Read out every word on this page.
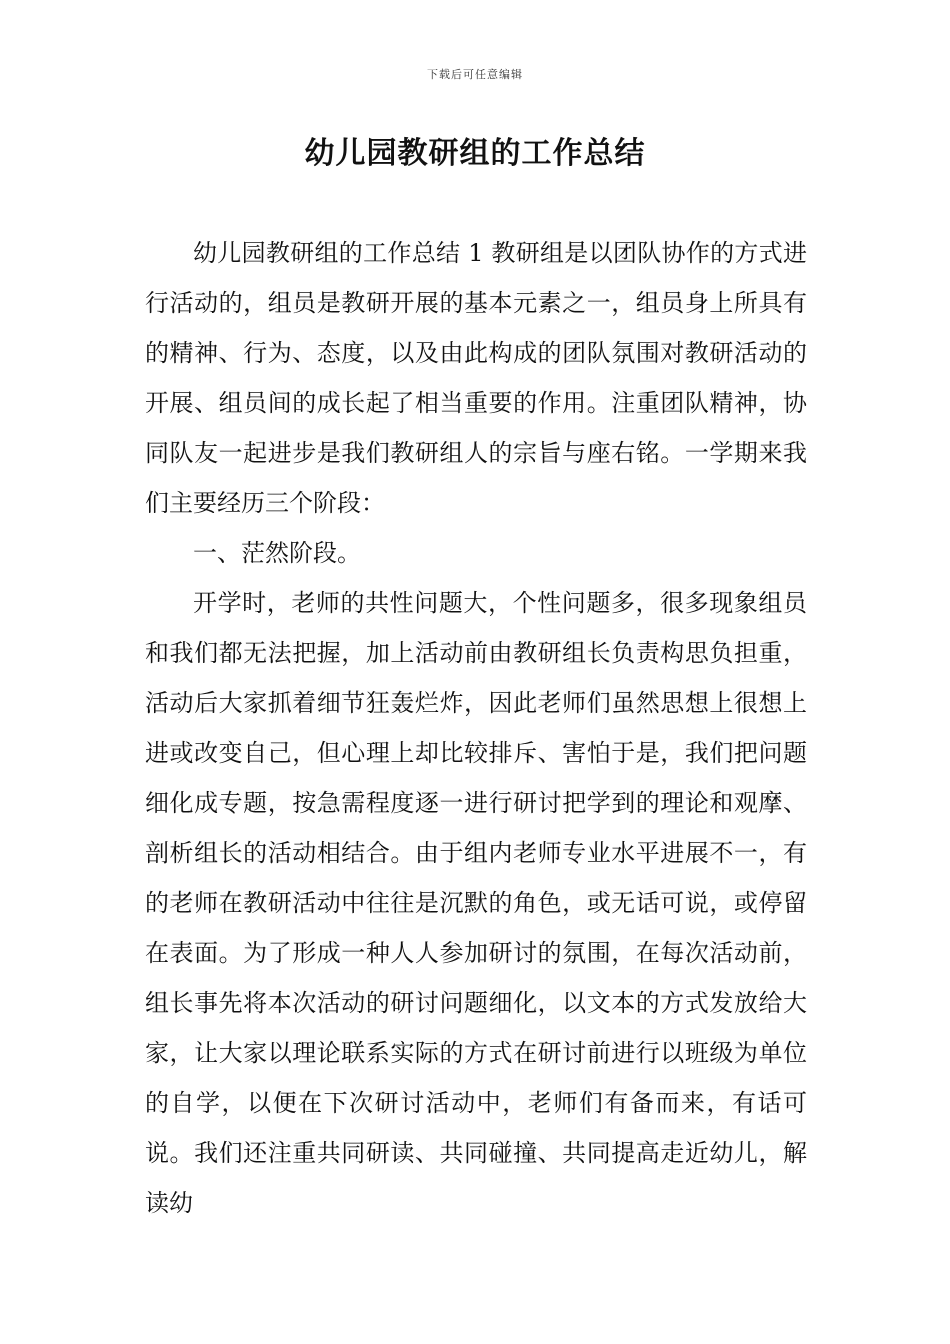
下载后可任意编辑
幼儿园教研组的工作总结

幼儿园教研组的工作总结 1 教研组是以团队协作的方式进行活动的，组员是教研开展的基本元素之一，组员身上所具有的精神、行为、态度，以及由此构成的团队氛围对教研活动的开展、组员间的成长起了相当重要的作用。注重团队精神，协同队友一起进步是我们教研组人的宗旨与座右铭。一学期来我们主要经历三个阶段：

一、茫然阶段。

开学时，老师的共性问题大，个性问题多，很多现象组员和我们都无法把握，加上活动前由教研组长负责构思负担重，活动后大家抓着细节狂轰烂炸，因此老师们虽然思想上很想上进或改变自己，但心理上却比较排斥、害怕于是，我们把问题细化成专题，按急需程度逐一进行研讨把学到的理论和观摩、剖析组长的活动相结合。由于组内老师专业水平进展不一，有的老师在教研活动中往往是沉默的角色，或无话可说，或停留在表面。为了形成一种人人参加研讨的氛围，在每次活动前，组长事先将本次活动的研讨问题细化，以文本的方式发放给大家，让大家以理论联系实际的方式在研讨前进行以班级为单位的自学，以便在下次研讨活动中，老师们有备而来，有话可说。我们还注重共同研读、共同碰撞、共同提高走近幼儿，解读幼
